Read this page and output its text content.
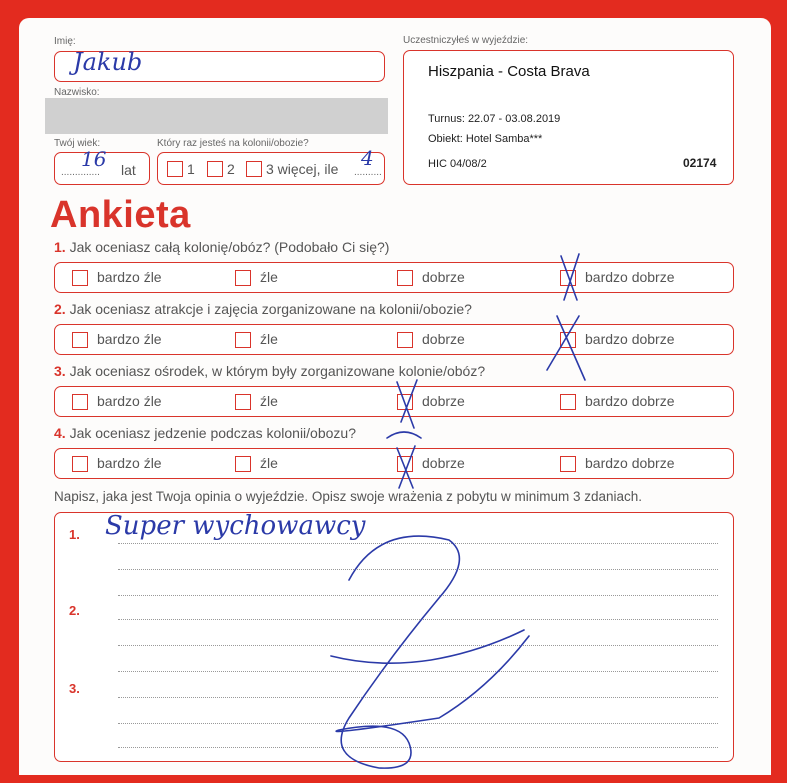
Imię:
Jakub
Nazwisko:
Twój wiek:
..............
16 lat
Który raz jesteś na kolonii/obozie?
1 2 3 więcej, ile ..........
4
Uczestniczyłeś w wyjeździe:
Hiszpania - Costa Brava
Turnus: 22.07 - 03.08.2019
Obiekt: Hotel Samba***
HIC 04/08/2	02174
Ankieta
1. Jak oceniasz całą kolonię/obóz? (Podobało Ci się?)
bardzo źle	źle	dobrze	bardzo dobrze
2. Jak oceniasz atrakcje i zajęcia zorganizowane na kolonii/obozie?
bardzo źle	źle	dobrze	bardzo dobrze
3. Jak oceniasz ośrodek, w którym były zorganizowane kolonie/obóz?
bardzo źle	źle	dobrze	bardzo dobrze
4. Jak oceniasz jedzenie podczas kolonii/obozu?
bardzo źle	źle	dobrze	bardzo dobrze
Napisz, jaka jest Twoja opinia o wyjeździe. Opisz swoje wrażenia z pobytu w minimum 3 zdaniach.
1.
2.
3.
Super wychowawcy
